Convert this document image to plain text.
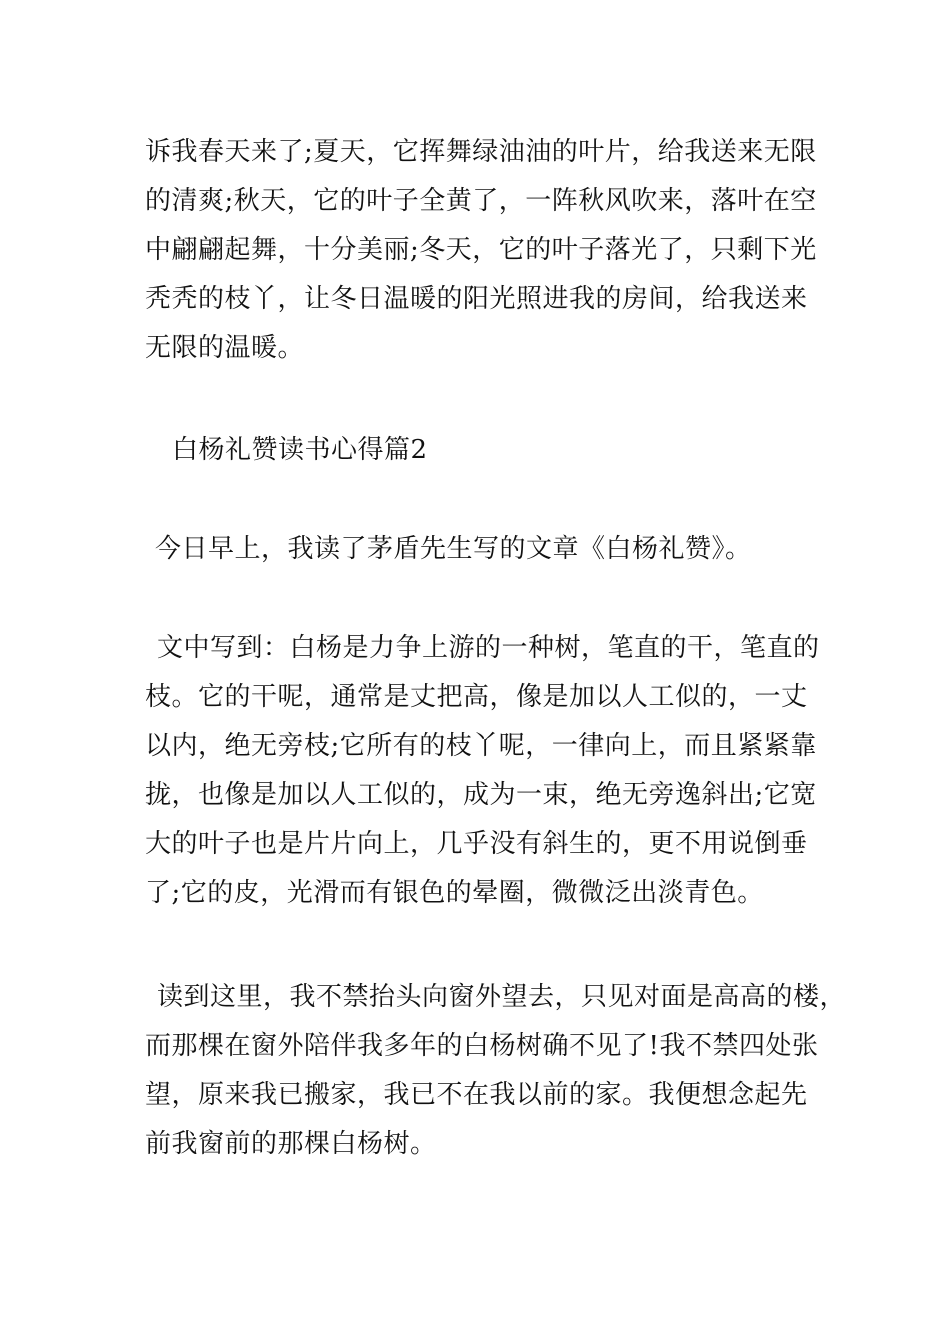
诉我春天来了;夏天，它挥舞绿油油的叶片，给我送来无限
的清爽;秋天，它的叶子全黄了，一阵秋风吹来，落叶在空
中翩翩起舞，十分美丽;冬天，它的叶子落光了，只剩下光
秃秃的枝丫，让冬日温暖的阳光照进我的房间，给我送来
无限的温暖。

白杨礼赞读书心得篇2

今日早上，我读了茅盾先生写的文章《白杨礼赞》。

文中写到：白杨是力争上游的一种树，笔直的干，笔直的
枝。它的干呢，通常是丈把高，像是加以人工似的，一丈
以内，绝无旁枝;它所有的枝丫呢，一律向上，而且紧紧靠
拢，也像是加以人工似的，成为一束，绝无旁逸斜出;它宽
大的叶子也是片片向上，几乎没有斜生的，更不用说倒垂
了;它的皮，光滑而有银色的晕圈，微微泛出淡青色。

读到这里，我不禁抬头向窗外望去，只见对面是高高的楼，
而那棵在窗外陪伴我多年的白杨树确不见了!我不禁四处张
望，原来我已搬家，我已不在我以前的家。我便想念起先
前我窗前的那棵白杨树。
